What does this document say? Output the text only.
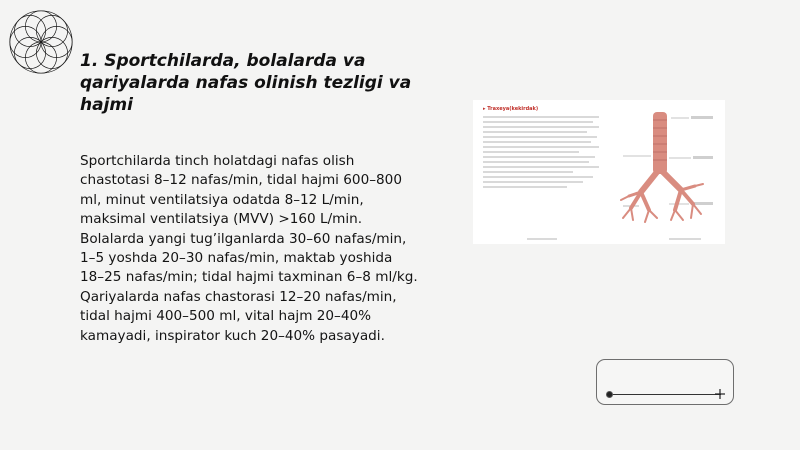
1. Sportchilarda, bolalarda va qariyalarda nafas olinish tezligi va hajmi
Sportchilarda tinch holatdagi nafas olish chastotasi 8–12 nafas/min, tidal hajmi 600–800 ml, minut ventilatsiya odatda 8–12 L/min, maksimal ventilatsiya (MVV) >160 L/min. Bolalarda yangi tug’ilganlarda 30–60 nafas/min, 1–5 yoshda 20–30 nafas/min, maktab yoshida 18–25 nafas/min; tidal hajmi taxminan 6–8 ml/kg. Qariyalarda nafas chastorasi 12–20 nafas/min, tidal hajmi 400–500 ml, vital hajm 20–40% kamayadi, inspirator kuch 20–40% pasayadi.
▸ Traxeya(kekirdak)
